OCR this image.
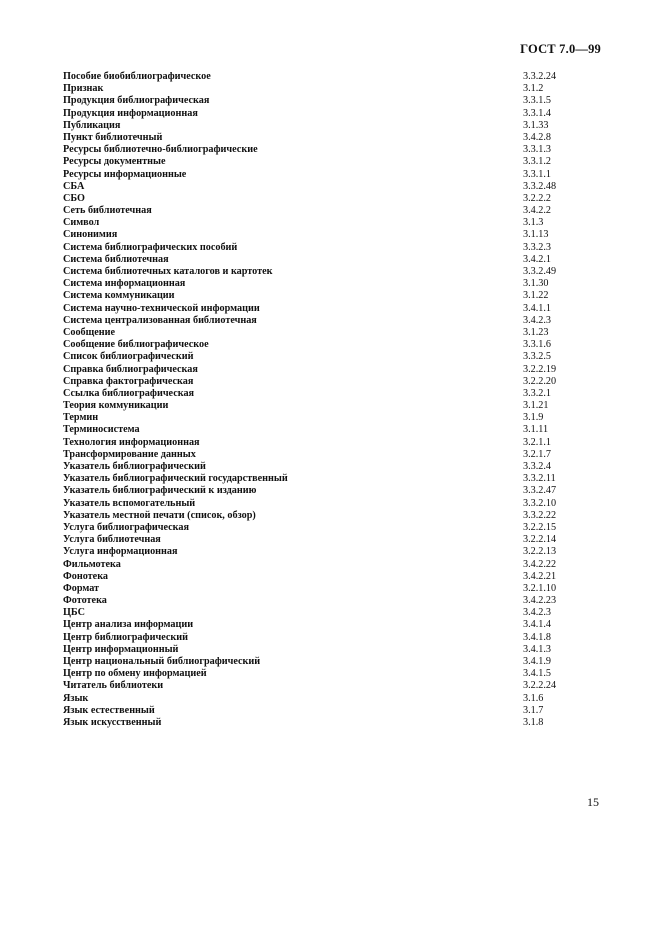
ГОСТ 7.0—99
Пособие биобиблиографическое	3.3.2.24
Признак	3.1.2
Продукция библиографическая	3.3.1.5
Продукция информационная	3.3.1.4
Публикация	3.1.33
Пункт библиотечный	3.4.2.8
Ресурсы библиотечно-библиографические	3.3.1.3
Ресурсы документные	3.3.1.2
Ресурсы информационные	3.3.1.1
СБА	3.3.2.48
СБО	3.2.2.2
Сеть библиотечная	3.4.2.2
Символ	3.1.3
Синонимия	3.1.13
Система библиографических пособий	3.3.2.3
Система библиотечная	3.4.2.1
Система библиотечных каталогов и картотек	3.3.2.49
Система информационная	3.1.30
Система коммуникации	3.1.22
Система научно-технической информации	3.4.1.1
Система централизованная библиотечная	3.4.2.3
Сообщение	3.1.23
Сообщение библиографическое	3.3.1.6
Список библиографический	3.3.2.5
Справка библиографическая	3.2.2.19
Справка фактографическая	3.2.2.20
Ссылка библиографическая	3.3.2.1
Теория коммуникации	3.1.21
Термин	3.1.9
Терминосистема	3.1.11
Технология информационная	3.2.1.1
Трансформирование данных	3.2.1.7
Указатель библиографический	3.3.2.4
Указатель библиографический государственный	3.3.2.11
Указатель библиографический к изданию	3.3.2.47
Указатель вспомогательный	3.3.2.10
Указатель местной печати (список, обзор)	3.3.2.22
Услуга библиографическая	3.2.2.15
Услуга библиотечная	3.2.2.14
Услуга информационная	3.2.2.13
Фильмотека	3.4.2.22
Фонотека	3.4.2.21
Формат	3.2.1.10
Фототека	3.4.2.23
ЦБС	3.4.2.3
Центр анализа информации	3.4.1.4
Центр библиографический	3.4.1.8
Центр информационный	3.4.1.3
Центр национальный библиографический	3.4.1.9
Центр по обмену информацией	3.4.1.5
Читатель библиотеки	3.2.2.24
Язык	3.1.6
Язык естественный	3.1.7
Язык искусственный	3.1.8
15
